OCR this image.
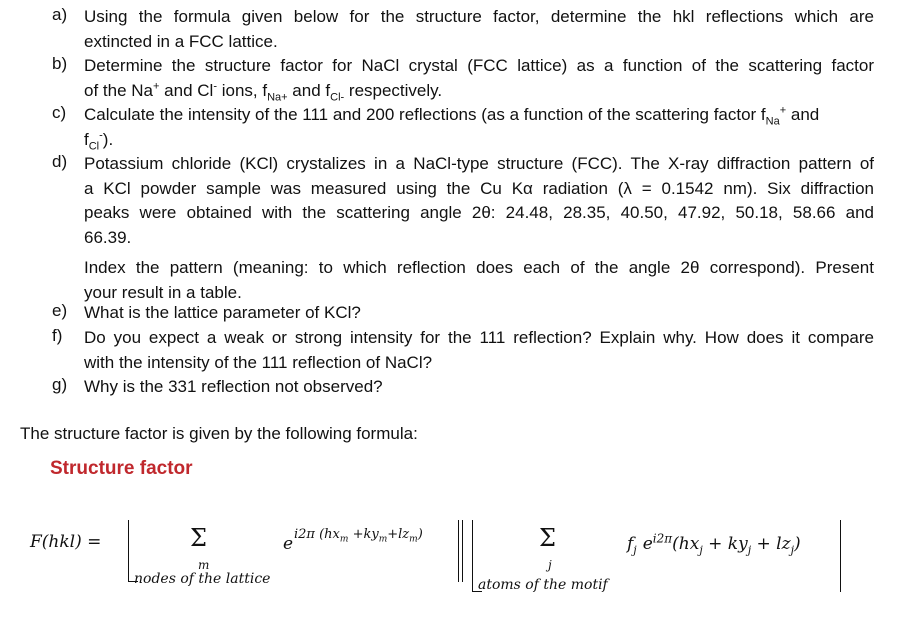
a) Using the formula given below for the structure factor, determine the hkl reflections which are
extincted in a FCC lattice.
b) Determine the structure factor for NaCl crystal (FCC lattice) as a function of the scattering factor
of the Na+ and Cl- ions, $f_{Na+}$ and $f_{Cl-}$ respectively.
c) Calculate the intensity of the 111 and 200 reflections (as a function of the scattering factor $f_{Na}^+$ and
$f_{Cl}^-$).
d) Potassium chloride (KCl) crystalizes in a NaCl-type structure (FCC). The X-ray diffraction pattern of
a KCl powder sample was measured using the Cu Kα radiation (λ = 0.1542 nm). Six diffraction
peaks were obtained with the scattering angle 2θ: 24.48, 28.35, 40.50, 47.92, 50.18, 58.66 and
66.39.
Index the pattern (meaning: to which reflection does each of the angle 2θ correspond). Present
your result in a table.
e) What is the lattice parameter of KCl?
f) Do you expect a weak or strong intensity for the 111 reflection? Explain why. How does it compare
with the intensity of the 111 reflection of NaCl?
g) Why is the 331 reflection not observed?
The structure factor is given by the following formula:
Structure factor
F(hkl) =	Σ
m
nodes of the lattice
e i2π $(hx_m +ky_m+lz_m)$	Σ
j
atoms of the motif
$f_j$ $e^{i2\pi}(hx_j + ky_j + lz_j)$
